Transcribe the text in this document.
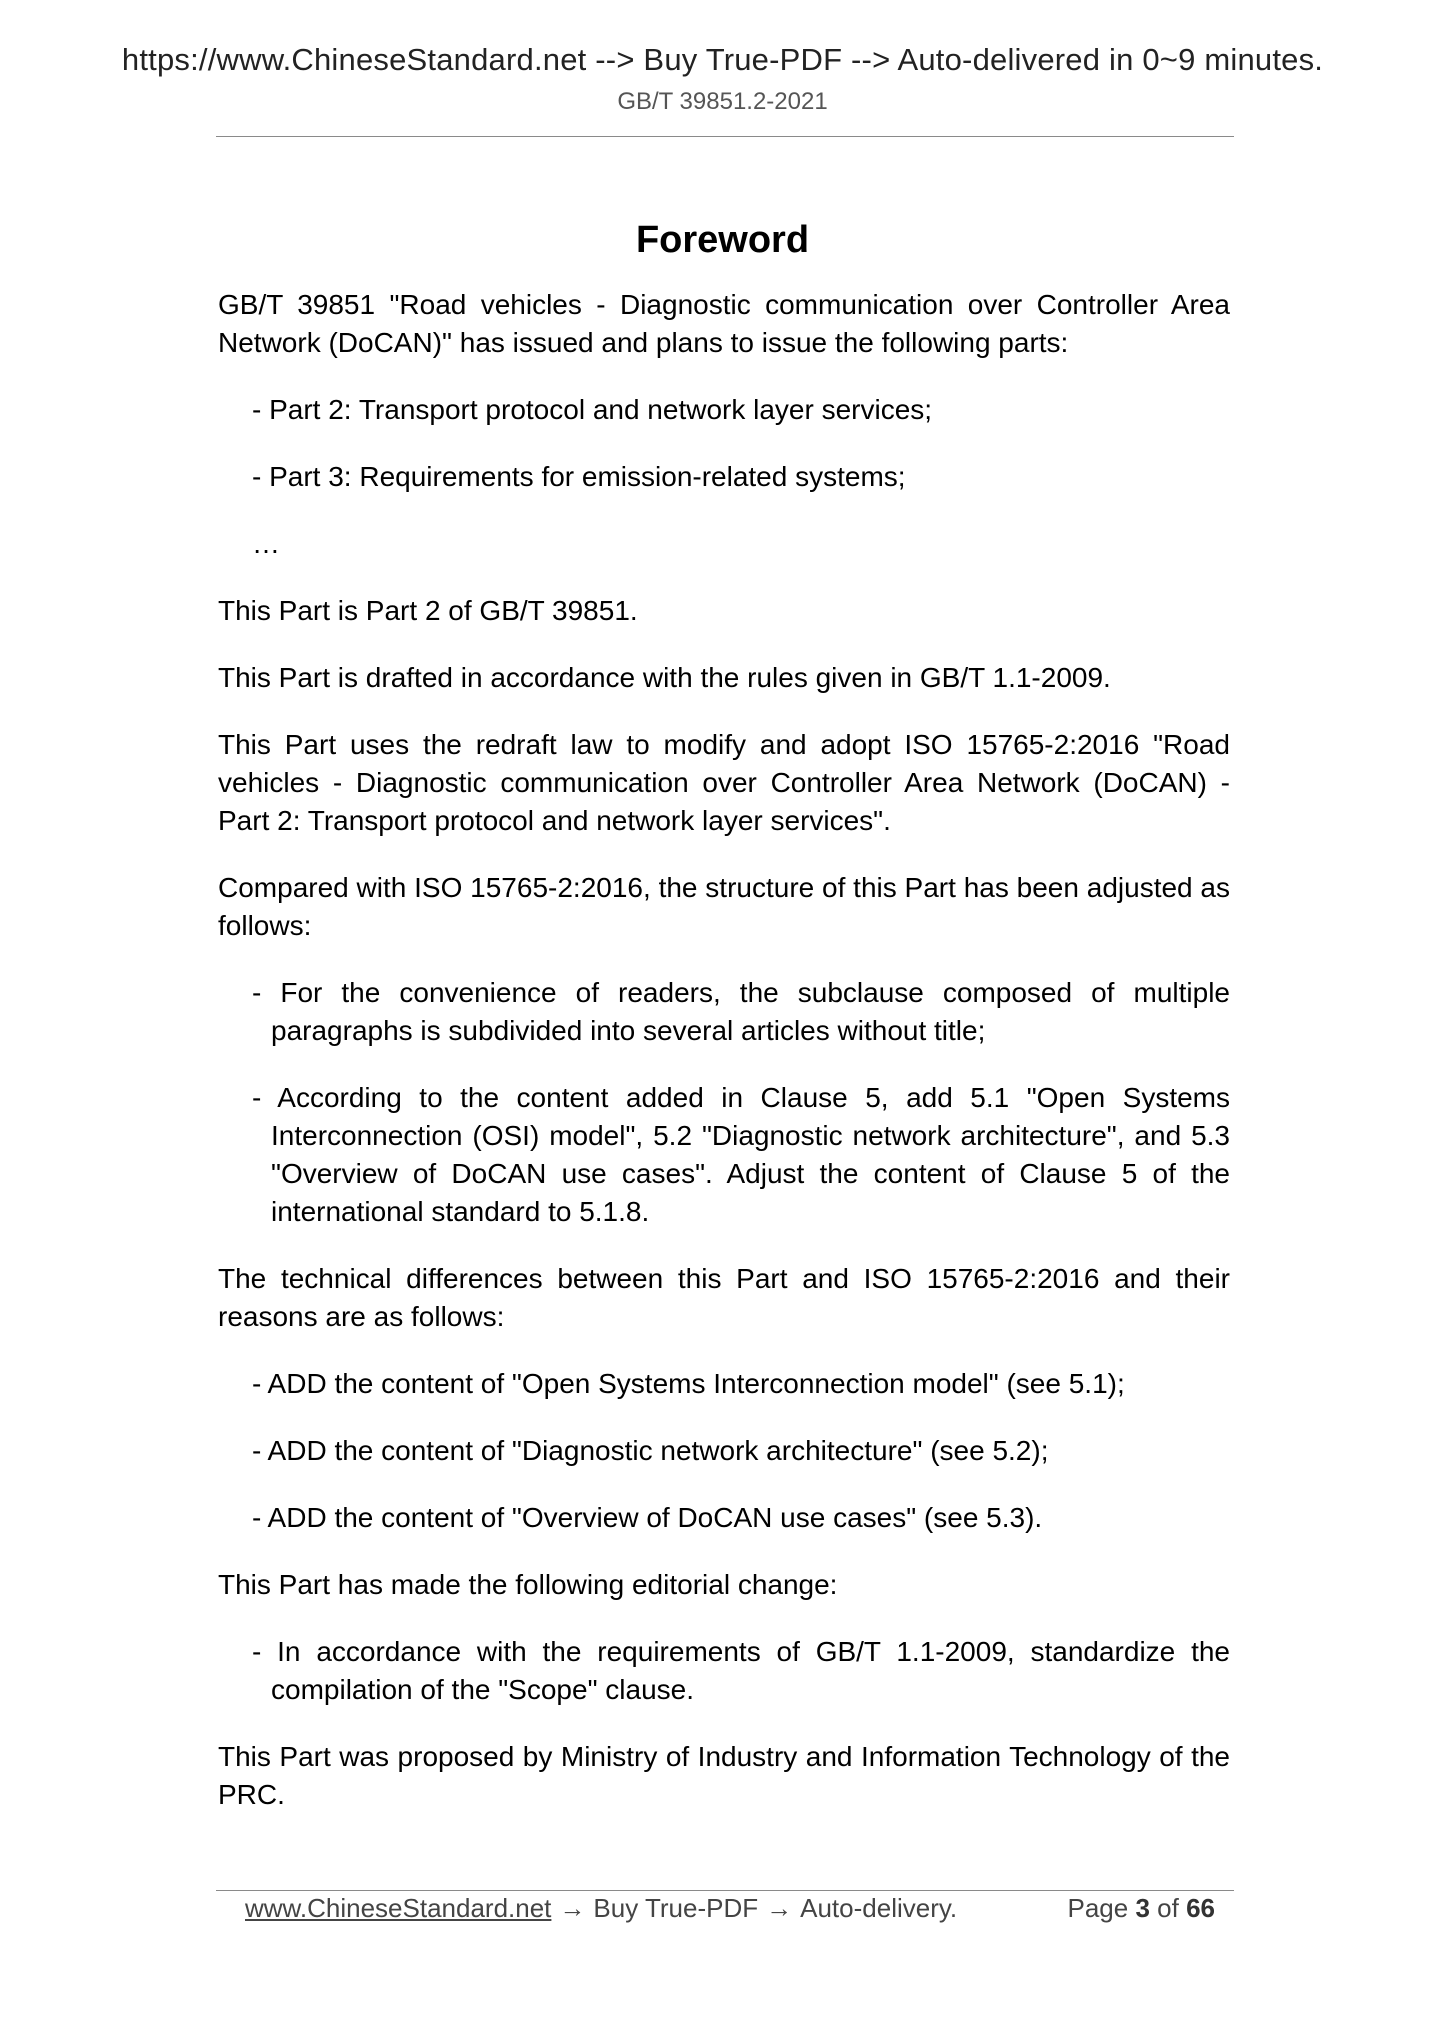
https://www.ChineseStandard.net --> Buy True-PDF --> Auto-delivered in 0~9 minutes.
GB/T 39851.2-2021
Foreword

GB/T 39851 "Road vehicles - Diagnostic communication over Controller Area Network (DoCAN)" has issued and plans to issue the following parts:

- Part 2: Transport protocol and network layer services;

- Part 3: Requirements for emission-related systems;

…

This Part is Part 2 of GB/T 39851.

This Part is drafted in accordance with the rules given in GB/T 1.1-2009.

This Part uses the redraft law to modify and adopt ISO 15765-2:2016 "Road vehicles - Diagnostic communication over Controller Area Network (DoCAN) - Part 2: Transport protocol and network layer services".

Compared with ISO 15765-2:2016, the structure of this Part has been adjusted as follows:

- For the convenience of readers, the subclause composed of multiple paragraphs is subdivided into several articles without title;

- According to the content added in Clause 5, add 5.1 "Open Systems Interconnection (OSI) model", 5.2 "Diagnostic network architecture", and 5.3 "Overview of DoCAN use cases". Adjust the content of Clause 5 of the international standard to 5.1.8.

The technical differences between this Part and ISO 15765-2:2016 and their reasons are as follows:

- ADD the content of "Open Systems Interconnection model" (see 5.1);

- ADD the content of "Diagnostic network architecture" (see 5.2);

- ADD the content of "Overview of DoCAN use cases" (see 5.3).

This Part has made the following editorial change:

- In accordance with the requirements of GB/T 1.1-2009, standardize the compilation of the "Scope" clause.

This Part was proposed by Ministry of Industry and Information Technology of the PRC.

www.ChineseStandard.net → Buy True-PDF → Auto-delivery.	Page 3 of 66
